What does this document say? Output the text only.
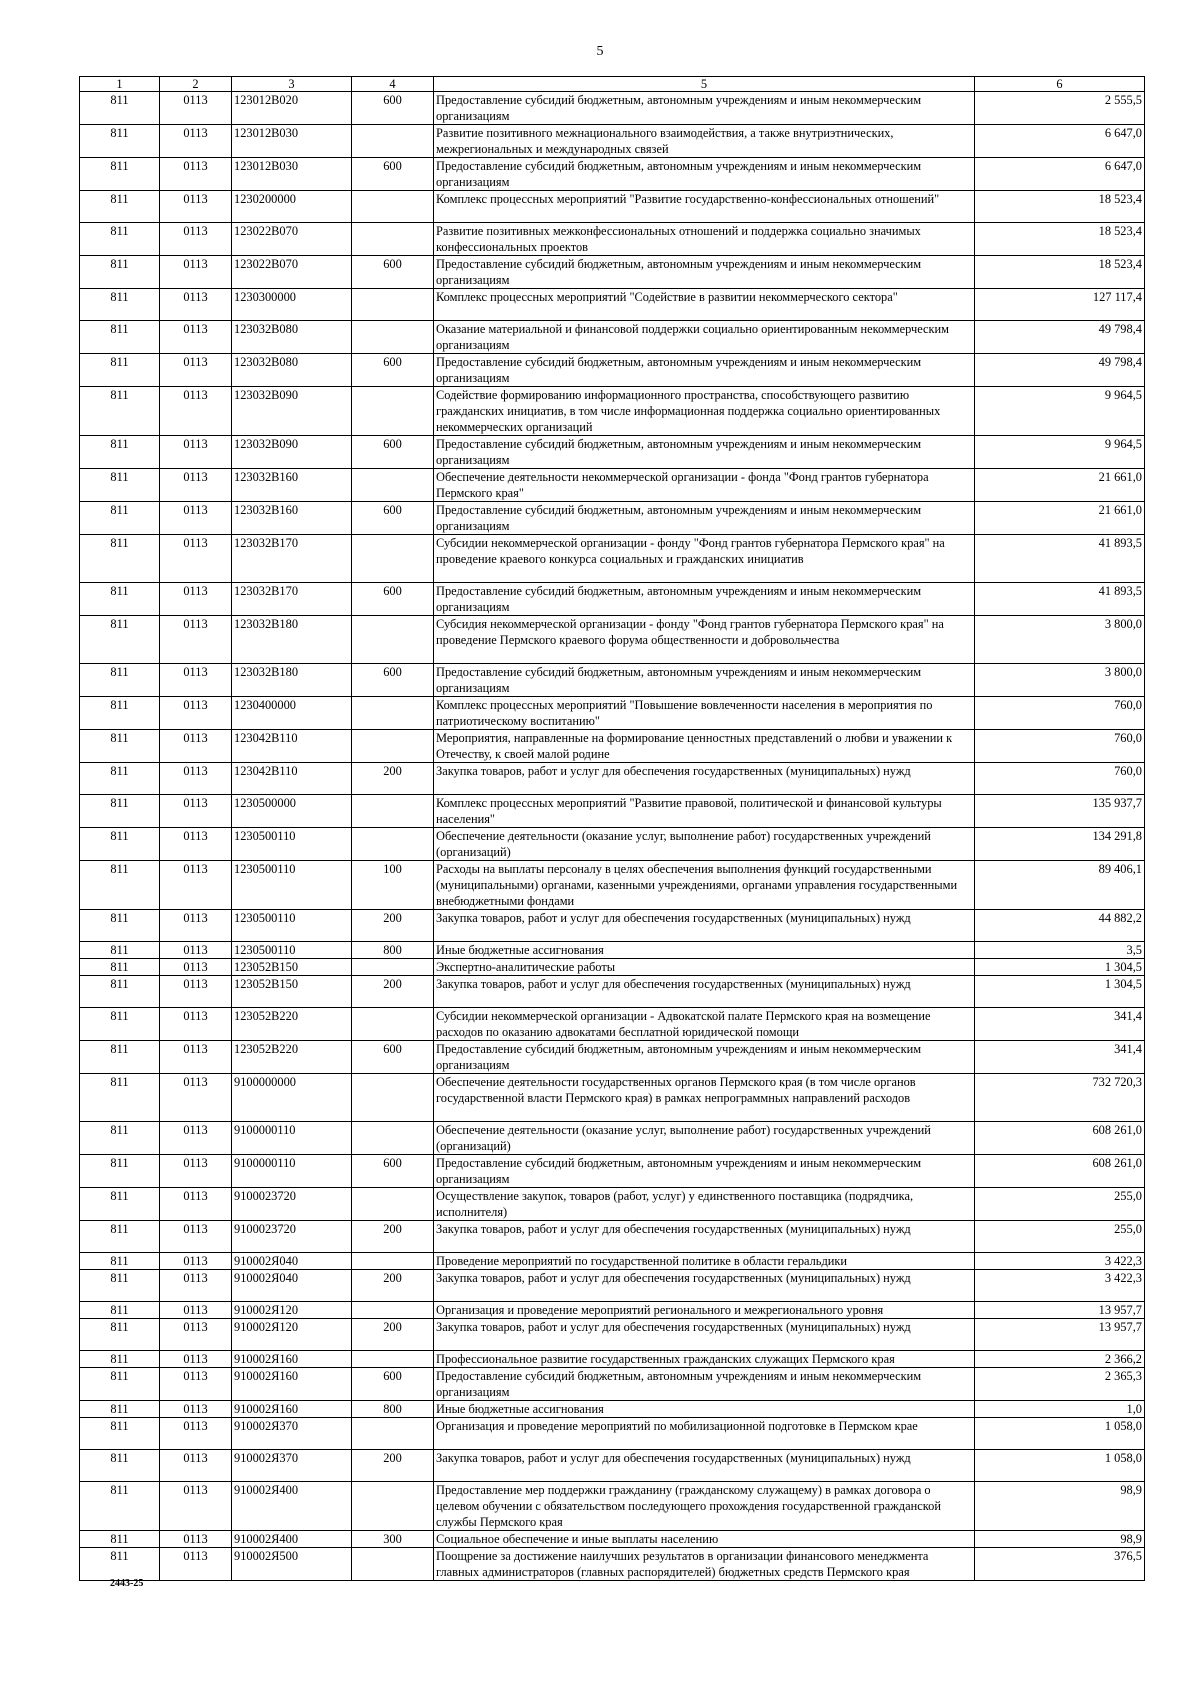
5
1	2	3	4	5	6
811	0113	123012В020	600	Предоставление субсидий бюджетным, автономным учреждениям и иным некоммерческим организациям	2 555,5
811	0113	123012В030		Развитие позитивного межнационального взаимодействия, а также внутриэтнических, межрегиональных и международных связей	6 647,0
811	0113	123012В030	600	Предоставление субсидий бюджетным, автономным учреждениям и иным некоммерческим организациям	6 647,0
811	0113	1230200000		Комплекс процессных мероприятий "Развитие государственно-конфессиональных отношений"	18 523,4
811	0113	123022В070		Развитие позитивных межконфессиональных отношений и поддержка социально значимых конфессиональных проектов	18 523,4
811	0113	123022В070	600	Предоставление субсидий бюджетным, автономным учреждениям и иным некоммерческим организациям	18 523,4
811	0113	1230300000		Комплекс процессных мероприятий "Содействие в развитии некоммерческого сектора"	127 117,4
811	0113	123032В080		Оказание материальной и финансовой поддержки социально ориентированным некоммерческим организациям	49 798,4
811	0113	123032В080	600	Предоставление субсидий бюджетным, автономным учреждениям и иным некоммерческим организациям	49 798,4
811	0113	123032В090		Содействие формированию информационного пространства, способствующего развитию гражданских инициатив, в том числе информационная поддержка социально ориентированных некоммерческих организаций	9 964,5
811	0113	123032В090	600	Предоставление субсидий бюджетным, автономным учреждениям и иным некоммерческим организациям	9 964,5
811	0113	123032В160		Обеспечение деятельности некоммерческой организации - фонда "Фонд грантов губернатора Пермского края"	21 661,0
811	0113	123032В160	600	Предоставление субсидий бюджетным, автономным учреждениям и иным некоммерческим организациям	21 661,0
811	0113	123032В170		Субсидии некоммерческой организации - фонду "Фонд грантов губернатора Пермского края" на проведение краевого конкурса социальных и гражданских инициатив	41 893,5
811	0113	123032В170	600	Предоставление субсидий бюджетным, автономным учреждениям и иным некоммерческим организациям	41 893,5
811	0113	123032В180		Субсидия некоммерческой организации - фонду "Фонд грантов губернатора Пермского края" на проведение Пермского краевого форума общественности и добровольчества	3 800,0
811	0113	123032В180	600	Предоставление субсидий бюджетным, автономным учреждениям и иным некоммерческим организациям	3 800,0
811	0113	1230400000		Комплекс процессных мероприятий "Повышение вовлеченности населения в мероприятия по патриотическому воспитанию"	760,0
811	0113	123042В110		Мероприятия, направленные на формирование ценностных представлений о любви и уважении к Отечеству, к своей малой родине	760,0
811	0113	123042В110	200	Закупка товаров, работ и услуг для обеспечения государственных (муниципальных) нужд	760,0
811	0113	1230500000		Комплекс процессных мероприятий "Развитие правовой, политической и финансовой культуры населения"	135 937,7
811	0113	1230500110		Обеспечение деятельности (оказание услуг, выполнение работ) государственных учреждений (организаций)	134 291,8
811	0113	1230500110	100	Расходы на выплаты персоналу в целях обеспечения выполнения функций государственными (муниципальными) органами, казенными учреждениями, органами управления государственными внебюджетными фондами	89 406,1
811	0113	1230500110	200	Закупка товаров, работ и услуг для обеспечения государственных (муниципальных) нужд	44 882,2
811	0113	1230500110	800	Иные бюджетные ассигнования	3,5
811	0113	123052В150		Экспертно-аналитические работы	1 304,5
811	0113	123052В150	200	Закупка товаров, работ и услуг для обеспечения государственных (муниципальных) нужд	1 304,5
811	0113	123052В220		Субсидии некоммерческой организации - Адвокатской палате Пермского края на возмещение расходов по оказанию адвокатами бесплатной юридической помощи	341,4
811	0113	123052В220	600	Предоставление субсидий бюджетным, автономным учреждениям и иным некоммерческим организациям	341,4
811	0113	9100000000		Обеспечение деятельности государственных органов Пермского края (в том числе органов государственной власти Пермского края) в рамках непрограммных направлений расходов	732 720,3
811	0113	9100000110		Обеспечение деятельности (оказание услуг, выполнение работ) государственных учреждений (организаций)	608 261,0
811	0113	9100000110	600	Предоставление субсидий бюджетным, автономным учреждениям и иным некоммерческим организациям	608 261,0
811	0113	9100023720		Осуществление закупок, товаров (работ, услуг) у единственного поставщика (подрядчика, исполнителя)	255,0
811	0113	9100023720	200	Закупка товаров, работ и услуг для обеспечения государственных (муниципальных) нужд	255,0
811	0113	910002Я040		Проведение мероприятий по государственной политике в области геральдики	3 422,3
811	0113	910002Я040	200	Закупка товаров, работ и услуг для обеспечения государственных (муниципальных) нужд	3 422,3
811	0113	910002Я120		Организация и проведение мероприятий регионального и межрегионального уровня	13 957,7
811	0113	910002Я120	200	Закупка товаров, работ и услуг для обеспечения государственных (муниципальных) нужд	13 957,7
811	0113	910002Я160		Профессиональное развитие государственных гражданских служащих Пермского края	2 366,2
811	0113	910002Я160	600	Предоставление субсидий бюджетным, автономным учреждениям и иным некоммерческим организациям	2 365,3
811	0113	910002Я160	800	Иные бюджетные ассигнования	1,0
811	0113	910002Я370		Организация и проведение мероприятий по мобилизационной подготовке в Пермском крае	1 058,0
811	0113	910002Я370	200	Закупка товаров, работ и услуг для обеспечения государственных (муниципальных) нужд	1 058,0
811	0113	910002Я400		Предоставление мер поддержки гражданину (гражданскому служащему) в рамках договора о целевом обучении с обязательством последующего прохождения государственной гражданской службы Пермского края	98,9
811	0113	910002Я400	300	Социальное обеспечение и иные выплаты населению	98,9
811	0113	910002Я500		Поощрение за достижение наилучших результатов в организации финансового менеджмента главных администраторов (главных распорядителей) бюджетных средств Пермского края	376,5
2443-25
